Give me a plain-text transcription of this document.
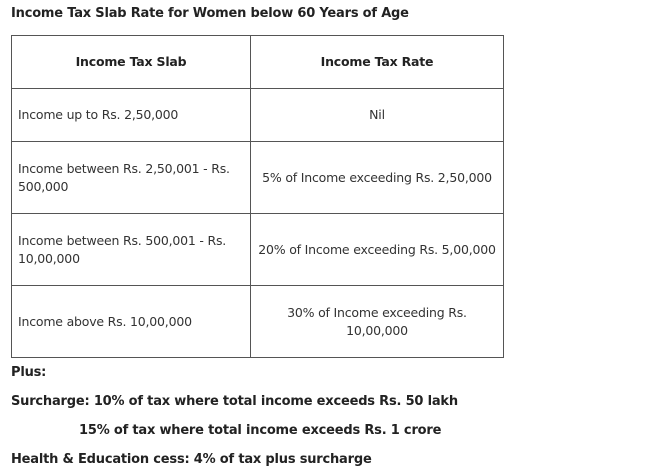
Income Tax Slab Rate for Women below 60 Years of Age
Income Tax Slab	Income Tax Rate
Income up to Rs. 2,50,000	Nil
Income between Rs. 2,50,001 - Rs. 500,000	5% of Income exceeding Rs. 2,50,000
Income between Rs. 500,001 - Rs. 10,00,000	20% of Income exceeding Rs. 5,00,000
Income above Rs. 10,00,000	30% of Income exceeding Rs. 10,00,000
Plus:
Surcharge: 10% of tax where total income exceeds Rs. 50 lakh
15% of tax where total income exceeds Rs. 1 crore
Health & Education cess: 4% of tax plus surcharge
